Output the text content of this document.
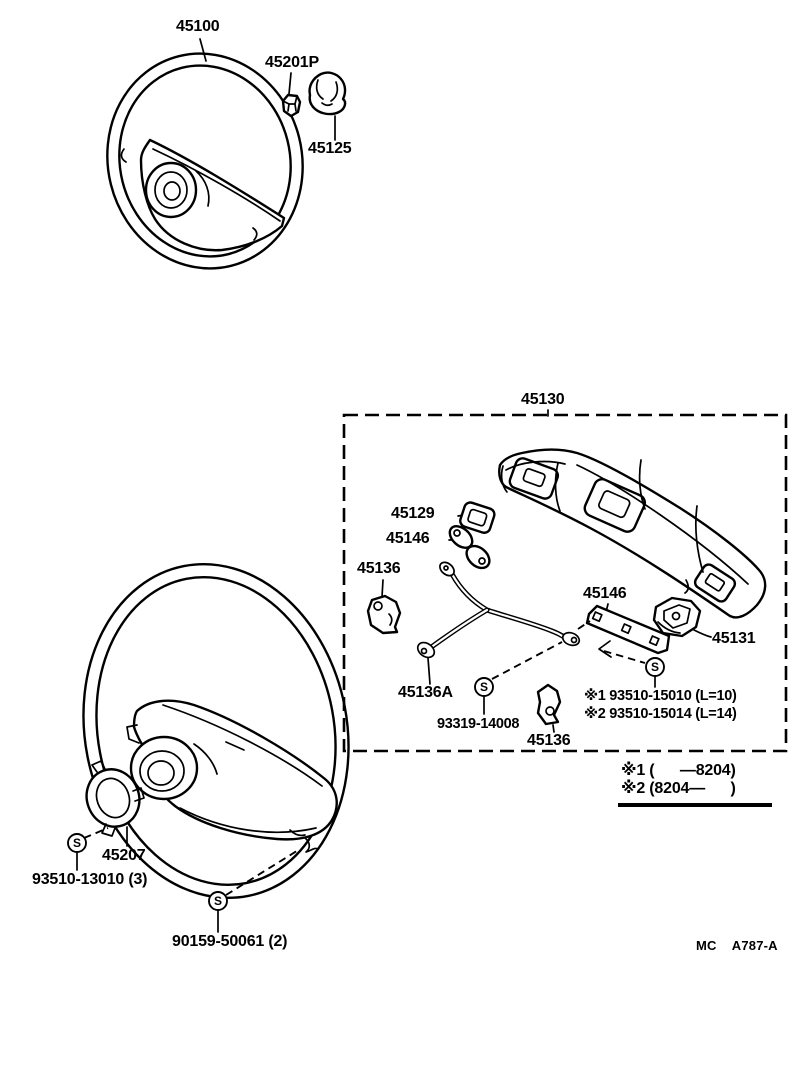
S
S
S
S
45100
45201P
45125
45130
45129
45146
45136
45146
45131
45136A
93319-14008
45136
※1 93510-15010 (L=10)
※2 93510-15014 (L=14)
※1 (      —8204)
※2 (8204—      )
45207
93510-13010 (3)
90159-50061 (2)	MC  A787-A
